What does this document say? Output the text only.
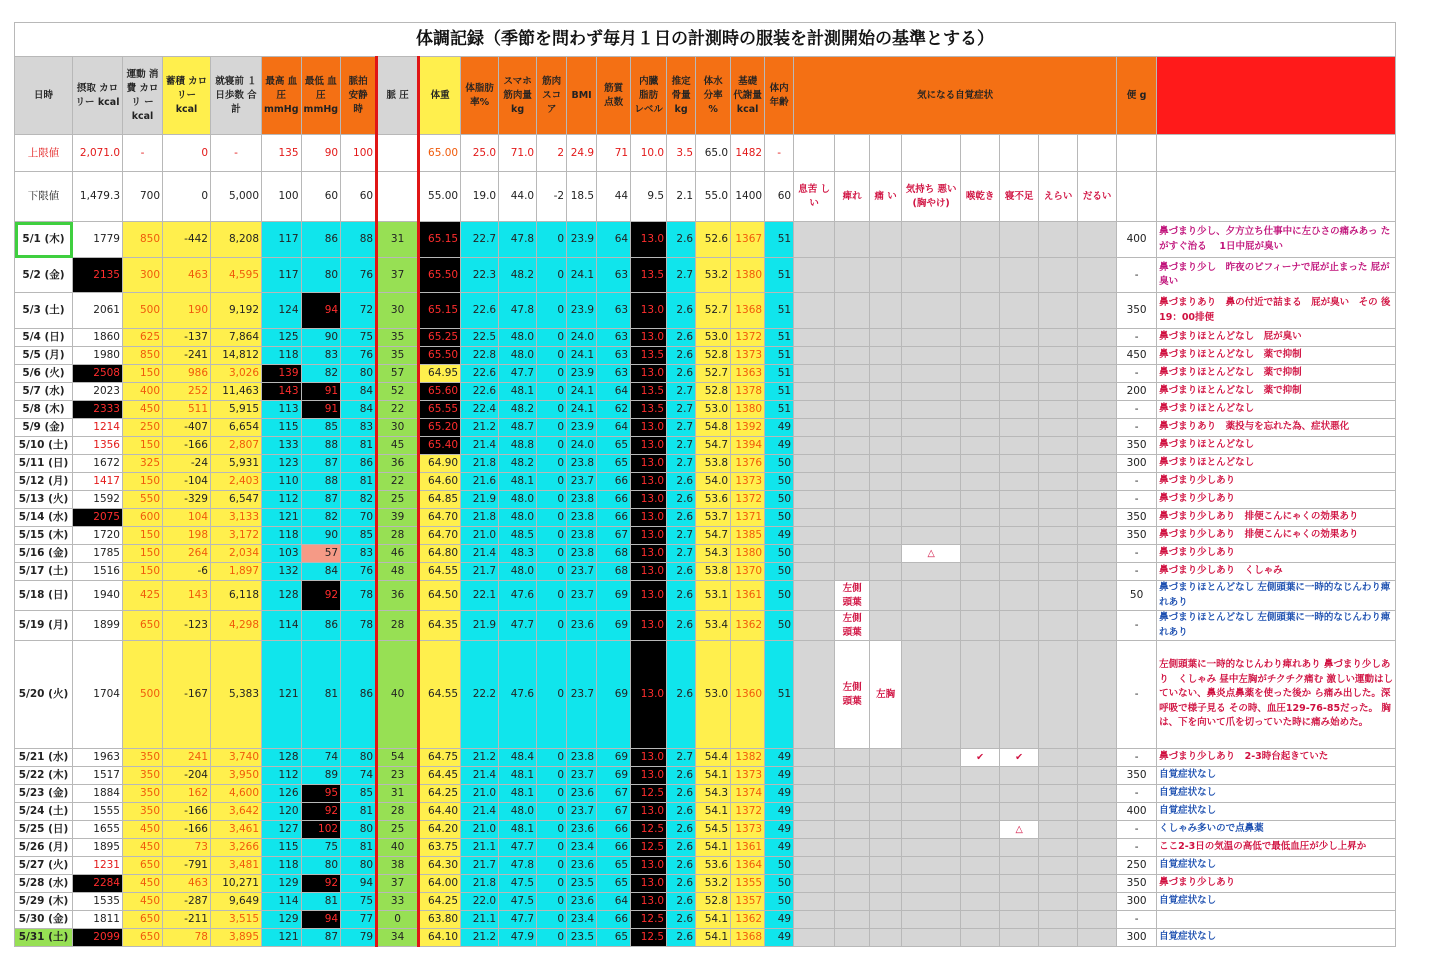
体調記録（季節を問わず毎月１日の計測時の服装を計測開始の基準とする）																													
日時	摂取 カロリー kcal	運動 消費 カロリ ー kcal	蓄積 カロリー kcal	就寝前 １日歩数 合計	最高 血圧 mmHg	最低 血圧 mmHg	脈拍 安静 時	脈 圧	体重	体脂肪 率%	スマホ 筋肉量 kg	筋肉 スコ ア	BMI	筋質 点数	内臓 脂肪 レベル	推定 骨量 kg	体水 分率 %	基礎 代謝量 kcal	体内 年齢	気になる自覚症状								便 g	
上限値	2,071.0	-	0	-	135	90	100		65.00	25.0	71.0	2	24.9	71	10.0	3.5	65.0	1482	-										
下限値	1,479.3	700	0	5,000	100	60	60		55.00	19.0	44.0	-2	18.5	44	9.5	2.1	55.0	1400	60	息苦 しい	痺れ	痛 い	気持ち 悪い (胸やけ)	喉乾き	寝不足	えらい	だるい		
5/1 (木)	1779	850	-442	8,208	117	86	88	31	65.15	22.7	47.8	0	23.9	64	13.0	2.6	52.6	1367	51									400	鼻づまり少し、夕方立ち仕事中に左ひさの痛みあっ たがすぐ治る　 1日中屁が臭い
5/2 (金)	2135	300	463	4,595	117	80	76	37	65.50	22.3	48.2	0	24.1	63	13.5	2.7	53.2	1380	51									-	鼻づまり少し　昨夜のビフィーナで屁が止まった 屁が臭い
5/3 (土)	2061	500	190	9,192	124	94	72	30	65.15	22.6	47.8	0	23.9	63	13.0	2.6	52.7	1368	51									350	鼻づまりあり　鼻の付近で詰まる　屁が臭い　その 後19：00排便
5/4 (日)	1860	625	-137	7,864	125	90	75	35	65.25	22.5	48.0	0	24.0	63	13.0	2.6	53.0	1372	51									-	鼻づまりほとんどなし　屁が臭い
5/5 (月)	1980	850	-241	14,812	118	83	76	35	65.50	22.8	48.0	0	24.1	63	13.5	2.6	52.8	1373	51									450	鼻づまりほとんどなし　薬で抑制
5/6 (火)	2508	150	986	3,026	139	82	80	57	64.95	22.6	47.7	0	23.9	63	13.0	2.6	52.7	1363	51									-	鼻づまりほとんどなし　薬で抑制
5/7 (水)	2023	400	252	11,463	143	91	84	52	65.60	22.6	48.1	0	24.1	64	13.5	2.7	52.8	1378	51									200	鼻づまりほとんどなし　薬で抑制
5/8 (木)	2333	450	511	5,915	113	91	84	22	65.55	22.4	48.2	0	24.1	62	13.5	2.7	53.0	1380	51									-	鼻づまりほとんどなし
5/9 (金)	1214	250	-407	6,654	115	85	83	30	65.20	21.2	48.7	0	23.9	64	13.0	2.7	54.8	1392	49									-	鼻づまりあり　薬投与を忘れた為、症状悪化
5/10 (土)	1356	150	-166	2,807	133	88	81	45	65.40	21.4	48.8	0	24.0	65	13.0	2.7	54.7	1394	49									350	鼻づまりほとんどなし
5/11 (日)	1672	325	-24	5,931	123	87	86	36	64.90	21.8	48.2	0	23.8	65	13.0	2.7	53.8	1376	50									300	鼻づまりほとんどなし
5/12 (月)	1417	150	-104	2,403	110	88	81	22	64.60	21.6	48.1	0	23.7	66	13.0	2.6	54.0	1373	50									-	鼻づまり少しあり
5/13 (火)	1592	550	-329	6,547	112	87	82	25	64.85	21.9	48.0	0	23.8	66	13.0	2.6	53.6	1372	50									-	鼻づまり少しあり
5/14 (水)	2075	600	104	3,133	121	82	70	39	64.70	21.8	48.0	0	23.8	66	13.0	2.6	53.7	1371	50									350	鼻づまり少しあり　排便こんにゃくの効果あり
5/15 (木)	1720	150	198	3,172	118	90	85	28	64.70	21.0	48.5	0	23.8	67	13.0	2.7	54.7	1385	49									350	鼻づまり少しあり　排便こんにゃくの効果あり
5/16 (金)	1785	150	264	2,034	103	57	83	46	64.80	21.4	48.3	0	23.8	68	13.0	2.7	54.3	1380	50				△					-	鼻づまり少しあり
5/17 (土)	1516	150	-6	1,897	132	84	76	48	64.55	21.7	48.0	0	23.7	68	13.0	2.6	53.8	1370	50									-	鼻づまり少しあり　くしゃみ
5/18 (日)	1940	425	143	6,118	128	92	78	36	64.50	22.1	47.6	0	23.7	69	13.0	2.6	53.1	1361	50		左側 頭葉							50	鼻づまりほとんどなし 左側頭葉に一時的なじんわり痺れあり
5/19 (月)	1899	650	-123	4,298	114	86	78	28	64.35	21.9	47.7	0	23.6	69	13.0	2.6	53.4	1362	50		左側 頭葉							-	鼻づまりほとんどなし 左側頭葉に一時的なじんわり痺れあり
5/20 (火)	1704	500	-167	5,383	121	81	86	40	64.55	22.2	47.6	0	23.7	69	13.0	2.6	53.0	1360	51		左側 頭葉	左胸						-	左側頭葉に一時的なじんわり痺れあり 鼻づまり少しあり　くしゃみ 昼中左胸がチクチク痛む 激しい運動はしていない、鼻炎点鼻薬を使った後か ら痛み出した。深呼吸で様子見る その時、血圧129-76-85だった。 胸は、下を向いて爪を切っていた時に痛み始めた。
5/21 (水)	1963	350	241	3,740	128	74	80	54	64.75	21.2	48.4	0	23.8	69	13.0	2.7	54.4	1382	49					✔	✔			-	鼻づまり少しあり　2-3時台起きていた
5/22 (木)	1517	350	-204	3,950	112	89	74	23	64.45	21.4	48.1	0	23.7	69	13.0	2.6	54.1	1373	49									350	自覚症状なし
5/23 (金)	1884	350	162	4,600	126	95	85	31	64.25	21.0	48.1	0	23.6	67	12.5	2.6	54.3	1374	49									-	自覚症状なし
5/24 (土)	1555	350	-166	3,642	120	92	81	28	64.40	21.4	48.0	0	23.7	67	13.0	2.6	54.1	1372	49									400	自覚症状なし
5/25 (日)	1655	450	-166	3,461	127	102	80	25	64.20	21.0	48.1	0	23.6	66	12.5	2.6	54.5	1373	49						△			-	くしゃみ多いので点鼻薬
5/26 (月)	1895	450	73	3,266	115	75	81	40	63.75	21.1	47.7	0	23.4	66	12.5	2.6	54.1	1361	49									-	ここ2-3日の気温の高低で最低血圧が少し上昇か
5/27 (火)	1231	650	-791	3,481	118	80	80	38	64.30	21.7	47.8	0	23.6	65	13.0	2.6	53.6	1364	50									250	自覚症状なし
5/28 (水)	2284	450	463	10,271	129	92	94	37	64.00	21.8	47.5	0	23.5	65	13.0	2.6	53.2	1355	50									350	鼻づまり少しあり
5/29 (木)	1535	450	-287	9,649	114	81	75	33	64.25	22.0	47.5	0	23.6	64	13.0	2.6	52.8	1357	50									300	自覚症状なし
5/30 (金)	1811	650	-211	3,515	129	94	77	0	63.80	21.1	47.7	0	23.4	66	12.5	2.6	54.1	1362	49									-	
5/31 (土)	2099	650	78	3,895	121	87	79	34	64.10	21.2	47.9	0	23.5	65	12.5	2.6	54.1	1368	49									300	自覚症状なし
